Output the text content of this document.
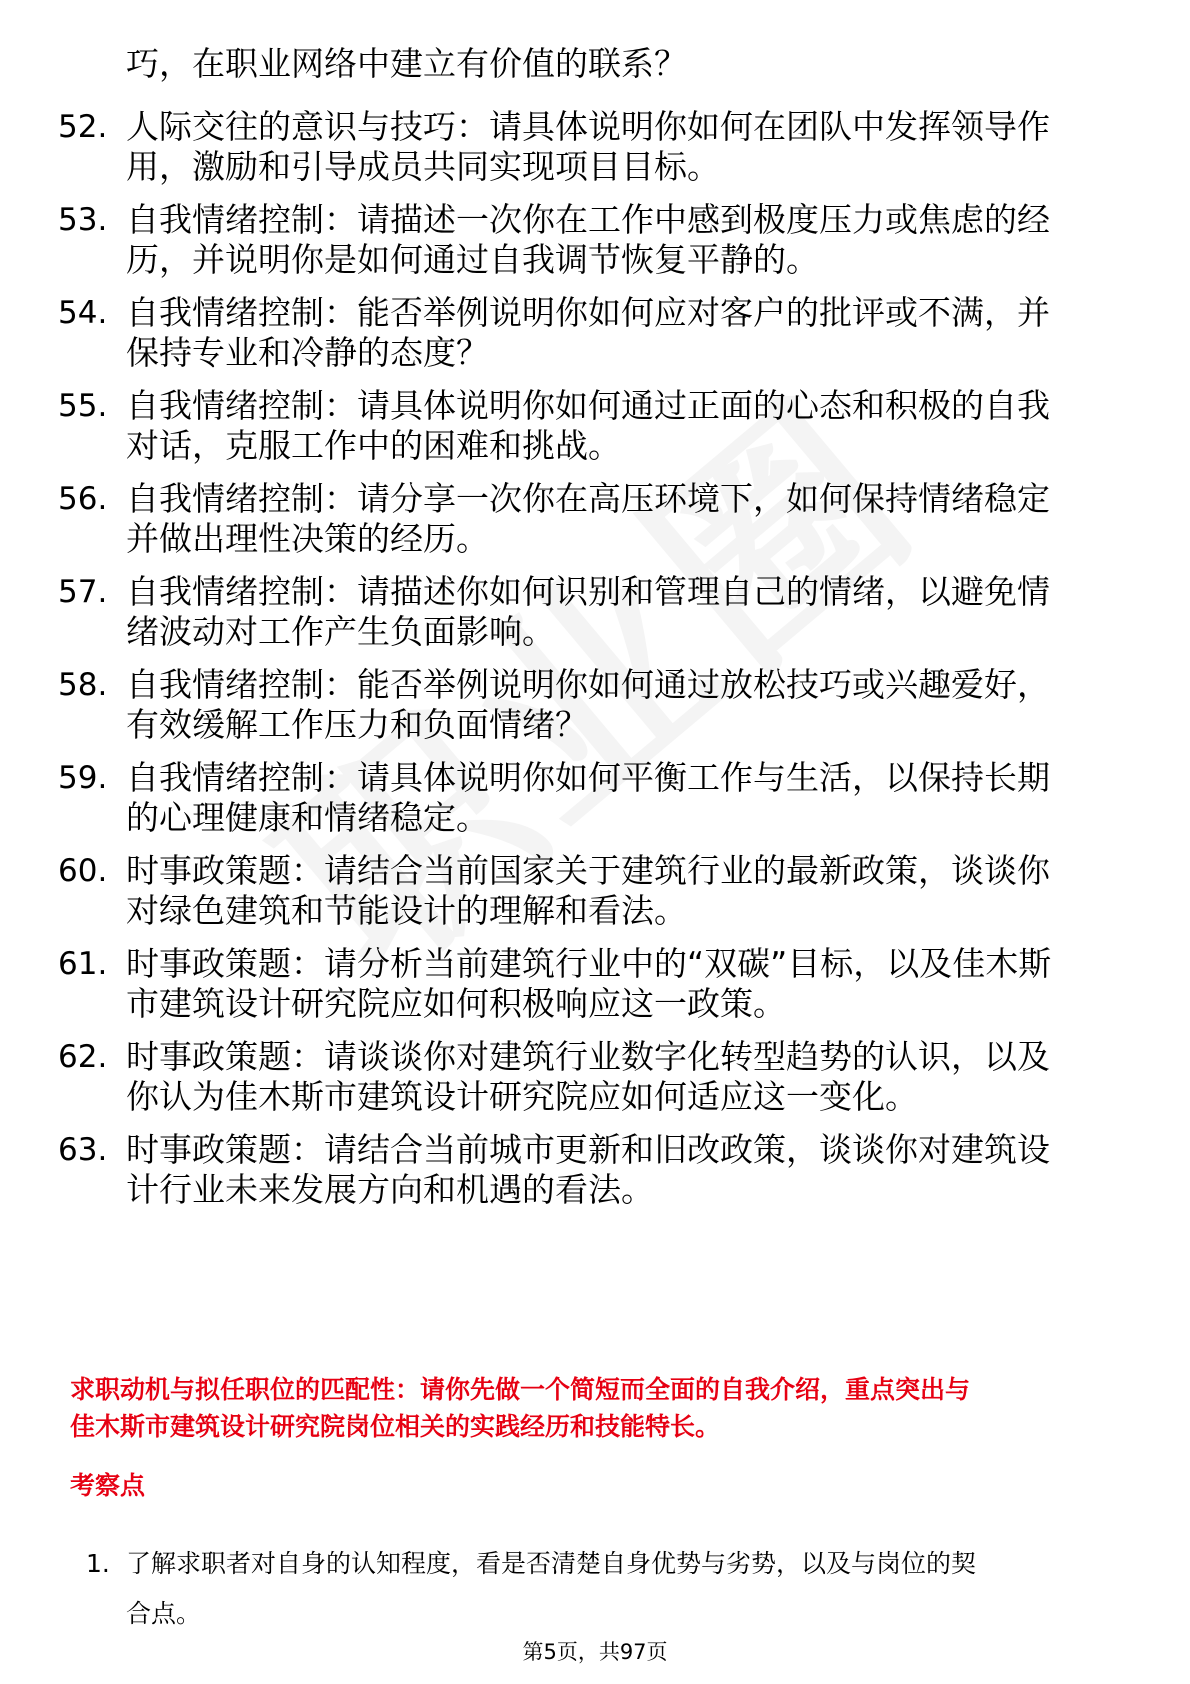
巧，在职业网络中建立有价值的联系？
52. 人际交往的意识与技巧：请具体说明你如何在团队中发挥领导作
用，激励和引导成员共同实现项目目标。
53. 自我情绪控制：请描述一次你在工作中感到极度压力或焦虑的经
历，并说明你是如何通过自我调节恢复平静的。
54. 自我情绪控制：能否举例说明你如何应对客户的批评或不满，并
保持专业和冷静的态度？
55. 自我情绪控制：请具体说明你如何通过正面的心态和积极的自我
对话，克服工作中的困难和挑战。
56. 自我情绪控制：请分享一次你在高压环境下，如何保持情绪稳定
并做出理性决策的经历。
57. 自我情绪控制：请描述你如何识别和管理自己的情绪，以避免情
绪波动对工作产生负面影响。
58. 自我情绪控制：能否举例说明你如何通过放松技巧或兴趣爱好，
有效缓解工作压力和负面情绪？
59. 自我情绪控制：请具体说明你如何平衡工作与生活，以保持长期
的心理健康和情绪稳定。
60. 时事政策题：请结合当前国家关于建筑行业的最新政策，谈谈你
对绿色建筑和节能设计的理解和看法。
61. 时事政策题：请分析当前建筑行业中的“双碳”目标，以及佳木斯
市建筑设计研究院应如何积极响应这一政策。
62. 时事政策题：请谈谈你对建筑行业数字化转型趋势的认识，以及
你认为佳木斯市建筑设计研究院应如何适应这一变化。
63. 时事政策题：请结合当前城市更新和旧改政策，谈谈你对建筑设
计行业未来发展方向和机遇的看法。
求职动机与拟任职位的匹配性：请你先做一个简短而全面的自我介绍，重点突出与
佳木斯市建筑设计研究院岗位相关的实践经历和技能特长。
考察点
1. 了解求职者对自身的认知程度，看是否清楚自身优势与劣势，以及与岗位的契
合点。
第5页，共97页
